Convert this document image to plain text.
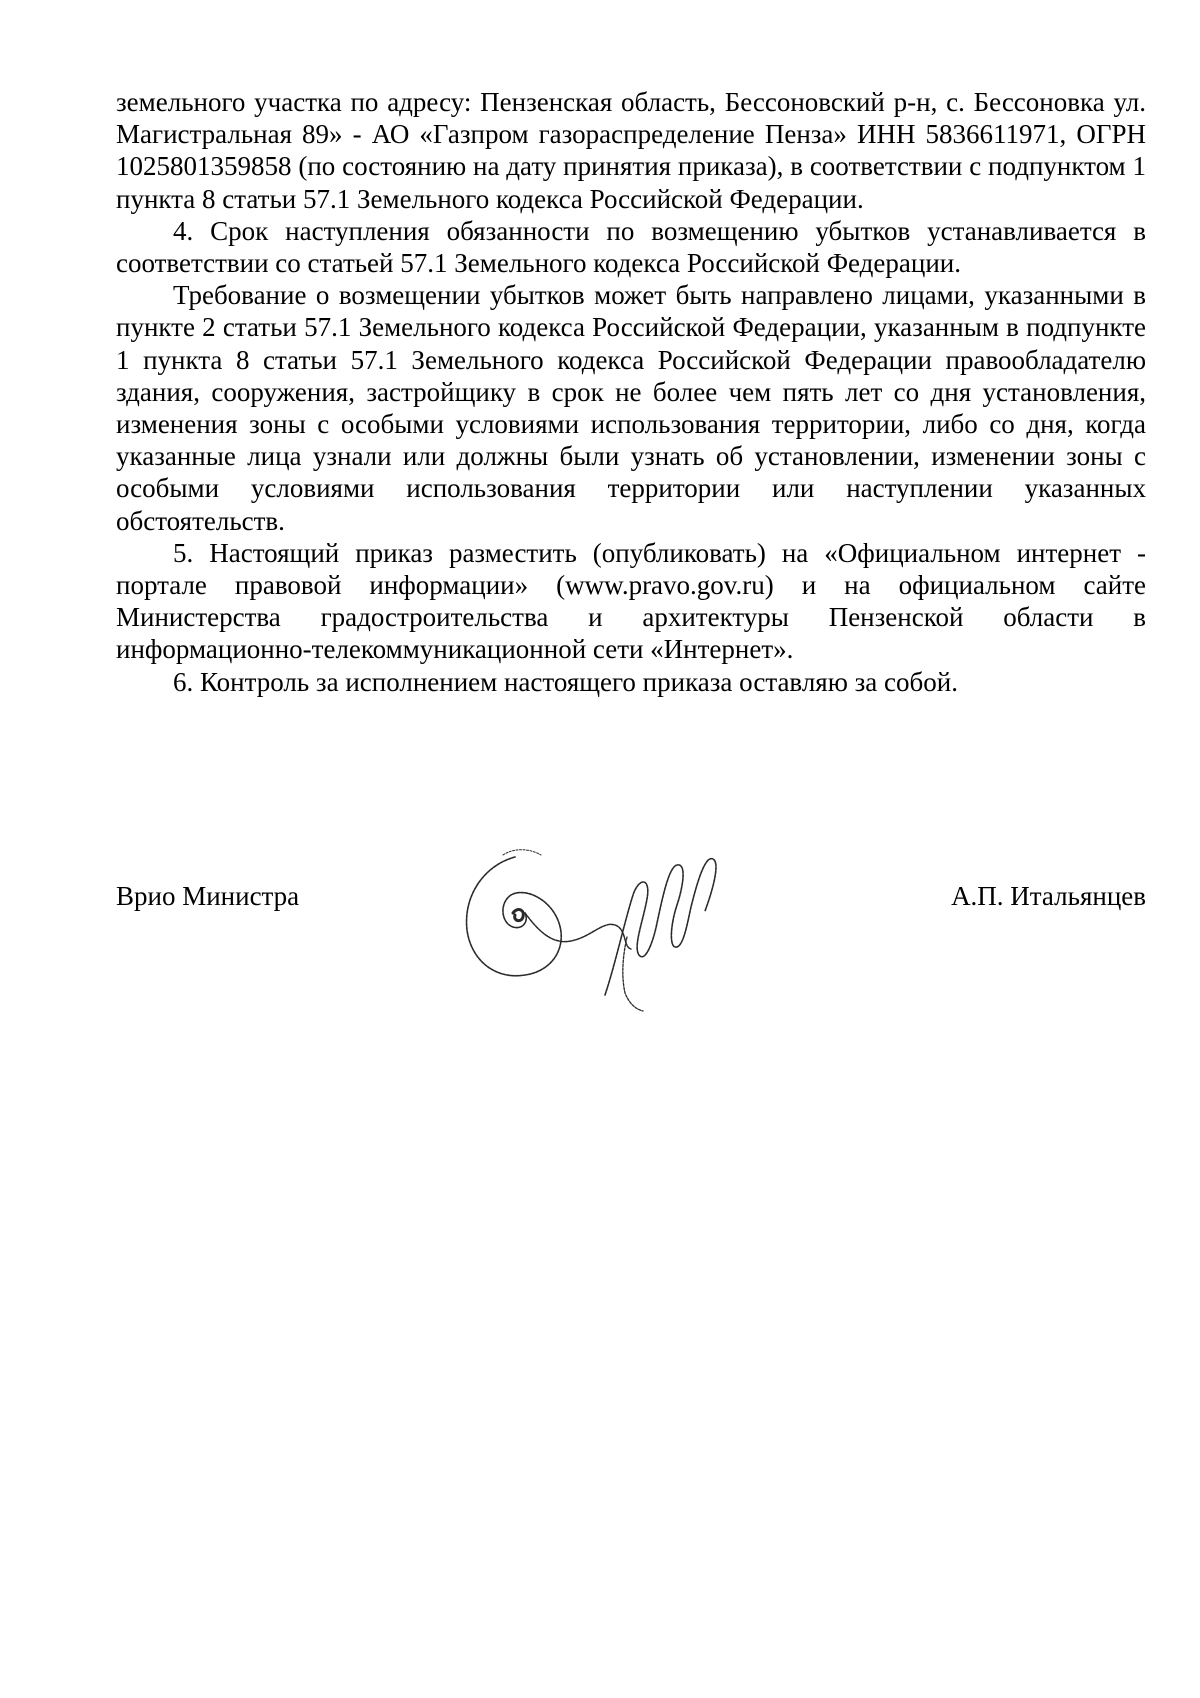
земельного участка по адресу: Пензенская область, Бессоновский р-н, с. Бессоновка ул. Магистральная 89» - АО «Газпром газораспределение Пенза» ИНН 5836611971, ОГРН 1025801359858 (по состоянию на дату принятия приказа), в соответствии с подпунктом 1 пункта 8 статьи 57.1 Земельного кодекса Российской Федерации.

4. Срок наступления обязанности по возмещению убытков устанавливается в соответствии со статьей 57.1 Земельного кодекса Российской Федерации.

Требование о возмещении убытков может быть направлено лицами, указанными в пункте 2 статьи 57.1 Земельного кодекса Российской Федерации, указанным в подпункте 1 пункта 8 статьи 57.1 Земельного кодекса Российской Федерации правообладателю здания, сооружения, застройщику в срок не более чем пять лет со дня установления, изменения зоны с особыми условиями использования территории, либо со дня, когда указанные лица узнали или должны были узнать об установлении, изменении зоны с особыми условиями использования территории или наступлении указанных обстоятельств.

5. Настоящий приказ разместить (опубликовать) на «Официальном интернет - портале правовой информации» (www.pravo.gov.ru) и на официальном сайте Министерства градостроительства и архитектуры Пензенской области в информационно-телекоммуникационной сети «Интернет».

6. Контроль за исполнением настоящего приказа оставляю за собой.

Врио Министра	А.П. Итальянцев
